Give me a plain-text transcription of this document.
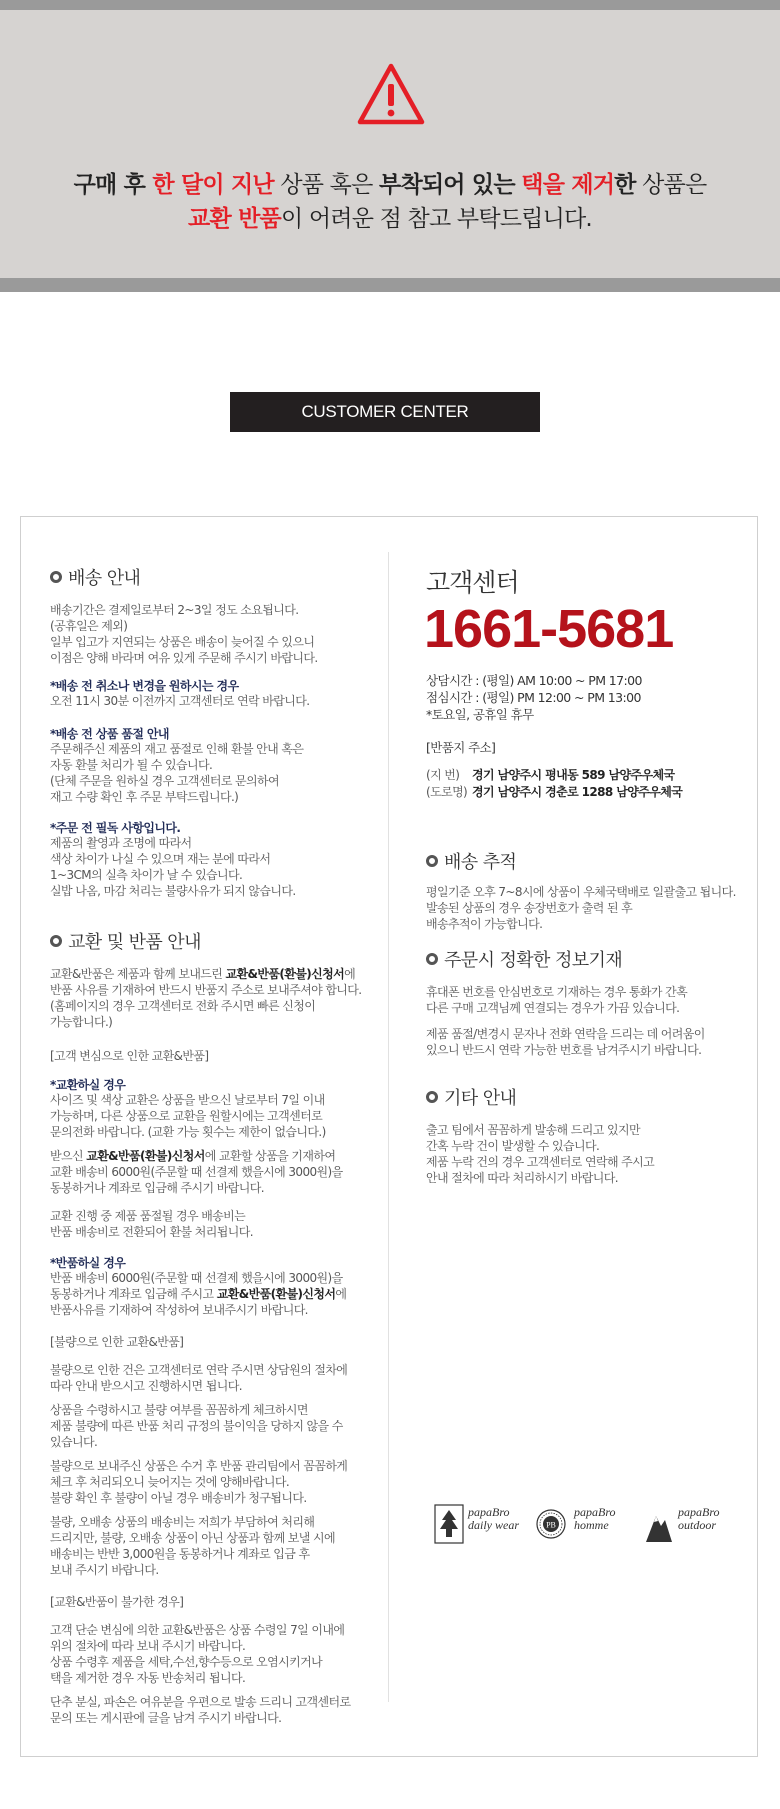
구매 후 한 달이 지난 상품 혹은 부착되어 있는 택을 제거한 상품은
교환 반품이 어려운 점 참고 부탁드립니다.
CUSTOMER CENTER
배송 안내
배송기간은 결제일로부터 2~3일 정도 소요됩니다.
(공휴일은 제외)
일부 입고가 지연되는 상품은 배송이 늦어질 수 있으니
이점은 양해 바라며 여유 있게 주문해 주시기 바랍니다.
*배송 전 취소나 변경을 원하시는 경우
오전 11시 30분 이전까지 고객센터로 연락 바랍니다.
*배송 전 상품 품절 안내
주문해주신 제품의 재고 품절로 인해 환불 안내 혹은
자동 환불 처리가 될 수 있습니다.
(단체 주문을 원하실 경우 고객센터로 문의하여
재고 수량 확인 후 주문 부탁드립니다.)
*주문 전 필독 사항입니다.
제품의 촬영과 조명에 따라서
색상 차이가 나실 수 있으며 재는 분에 따라서
1~3CM의 실측 차이가 날 수 있습니다.
실밥 나옴, 마감 처리는 불량사유가 되지 않습니다.
교환 및 반품 안내
교환&반품은 제품과 함께 보내드린 교환&반품(환불)신청서에
반품 사유를 기재하여 반드시 반품지 주소로 보내주셔야 합니다.
(홈페이지의 경우 고객센터로 전화 주시면 빠른 신청이
가능합니다.)
[고객 변심으로 인한 교환&반품]
*교환하실 경우
사이즈 및 색상 교환은 상품을 받으신 날로부터 7일 이내
가능하며, 다른 상품으로 교환을 원할시에는 고객센터로
문의전화 바랍니다. (교환 가능 횟수는 제한이 없습니다.)
받으신 교환&반품(환불)신청서에 교환할 상품을 기재하여
교환 배송비 6000원(주문할 때 선결제 했을시에 3000원)을
동봉하거나 계좌로 입금해 주시기 바랍니다.
교환 진행 중 제품 품절될 경우 배송비는
반품 배송비로 전환되어 환불 처리됩니다.
*반품하실 경우
반품 배송비 6000원(주문할 때 선결제 했을시에 3000원)을
동봉하거나 계좌로 입금해 주시고 교환&반품(환불)신청서에
반품사유를 기재하여 작성하여 보내주시기 바랍니다.
[불량으로 인한 교환&반품]
불량으로 인한 건은 고객센터로 연락 주시면 상담원의 절차에
따라 안내 받으시고 진행하시면 됩니다.
상품을 수령하시고 불량 여부를 꼼꼼하게 체크하시면
제품 불량에 따른 반품 처리 규정의 불이익을 당하지 않을 수
있습니다.
불량으로 보내주신 상품은 수거 후 반품 관리팀에서 꼼꼼하게
체크 후 처리되오니 늦어지는 것에 양해바랍니다.
불량 확인 후 불량이 아닐 경우 배송비가 청구됩니다.
불량, 오배송 상품의 배송비는 저희가 부담하여 처리해
드리지만, 불량, 오배송 상품이 아닌 상품과 함께 보낼 시에
배송비는 반반 3,000원을 동봉하거나 계좌로 입금 후
보내 주시기 바랍니다.
[교환&반품이 불가한 경우]
고객 단순 변심에 의한 교환&반품은 상품 수령일 7일 이내에
위의 절차에 따라 보내 주시기 바랍니다.
상품 수령후 제품을 세탁,수선,향수등으로 오염시키거나
택을 제거한 경우 자동 반송처리 됩니다.
단추 분실, 파손은 여유분을 우편으로 발송 드리니 고객센터로
문의 또는 게시판에 글을 남겨 주시기 바랍니다.
고객센터
1661-5681
상담시간 : (평일) AM 10:00 ~ PM 17:00
점심시간 : (평일) PM 12:00 ~ PM 13:00
*토요일, 공휴일 휴무
[반품지 주소]
(지 번) 경기 남양주시 평내동 589 남양주우체국
(도로명) 경기 남양주시 경춘로 1288 남양주우체국
배송 추적
평일기준 오후 7~8시에 상품이 우체국택배로 일괄출고 됩니다.
발송된 상품의 경우 송장번호가 출력 된 후
배송추적이 가능합니다.
주문시 정확한 정보기재
휴대폰 번호를 안심번호로 기재하는 경우 통화가 간혹
다른 구매 고객님께 연결되는 경우가 가끔 있습니다.
제품 품절/변경시 문자나 전화 연락을 드리는 데 어려움이
있으니 반드시 연락 가능한 번호를 남겨주시기 바랍니다.
기타 안내
출고 팀에서 꼼꼼하게 발송해 드리고 있지만
간혹 누락 건이 발생할 수 있습니다.
제품 누락 건의 경우 고객센터로 연락해 주시고
안내 절차에 따라 처리하시기 바랍니다.
papaBro
daily wear	PB
papaBro
homme
papaBro
outdoor
